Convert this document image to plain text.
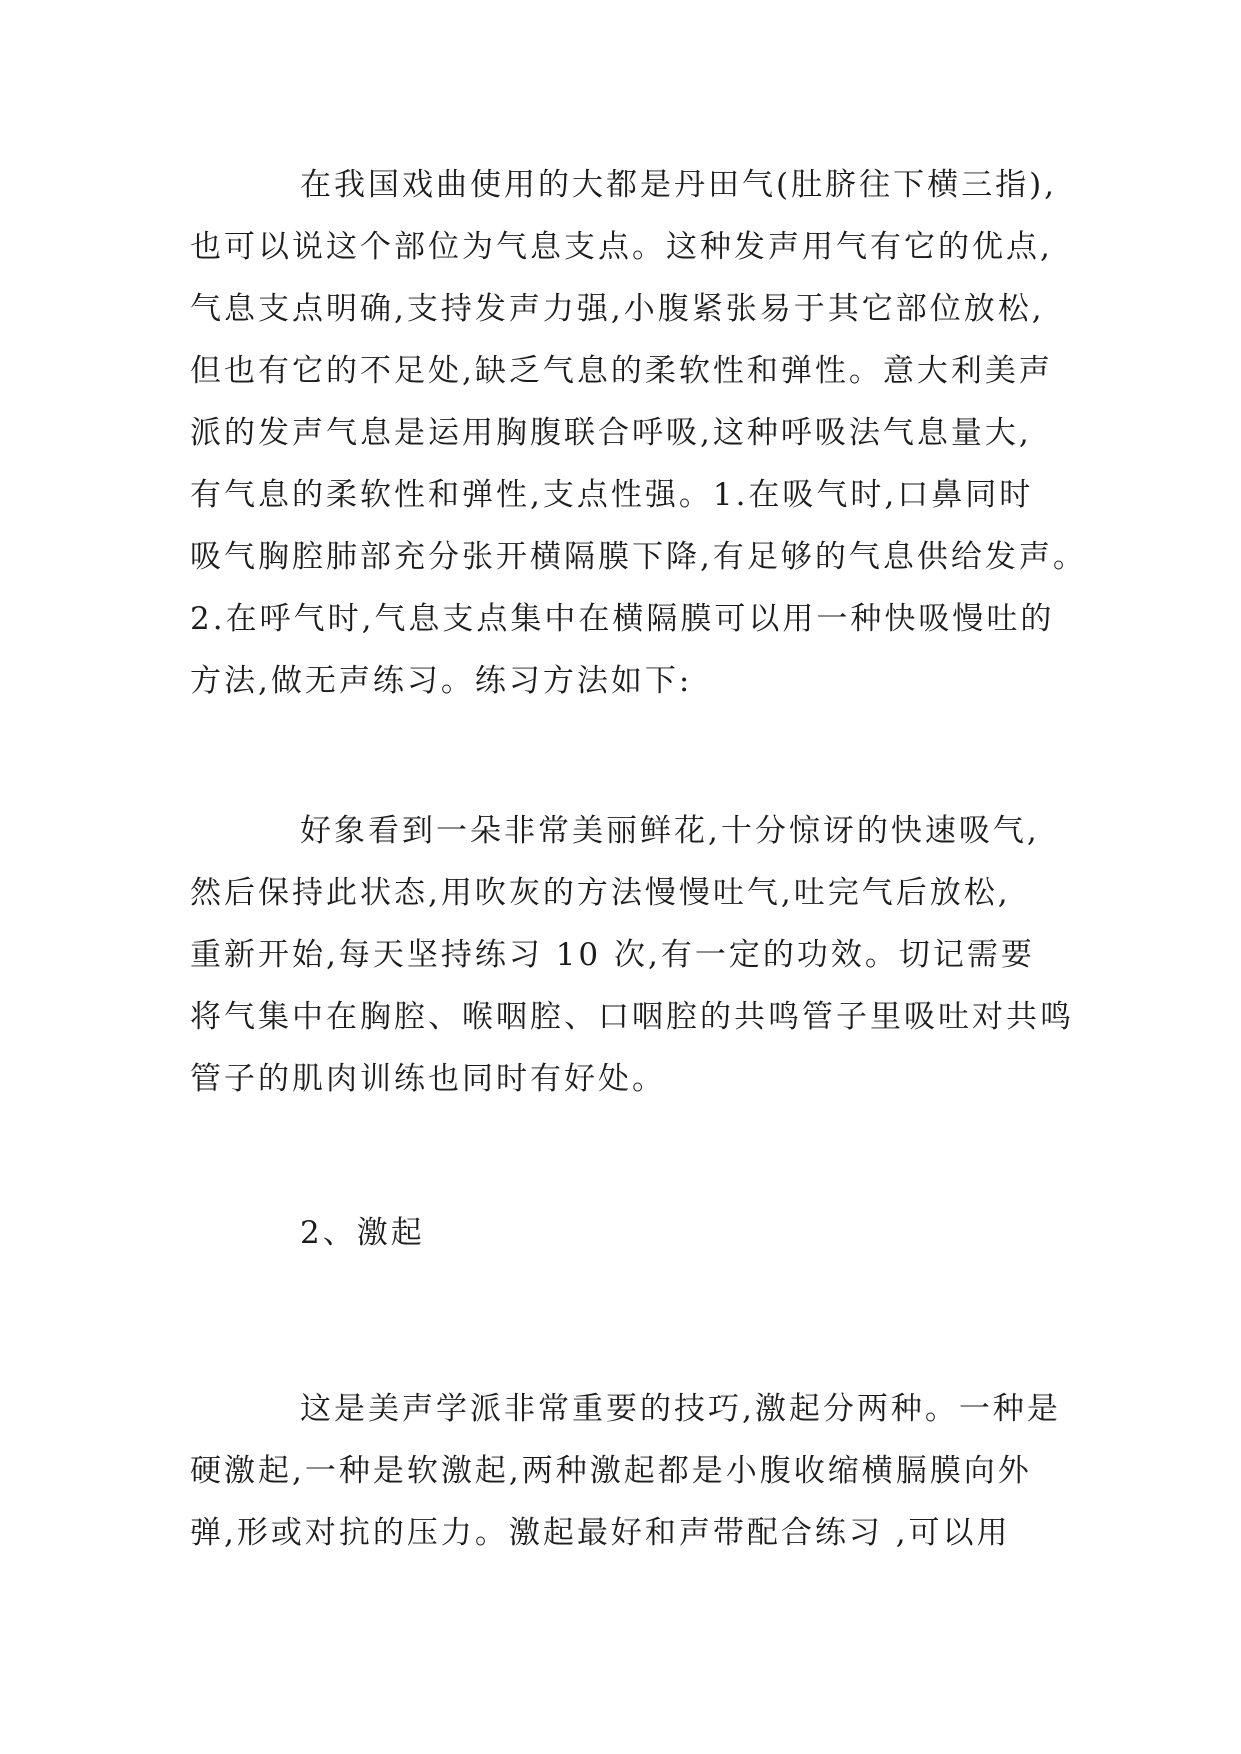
在我国戏曲使用的大都是丹田气(肚脐往下横三指),
也可以说这个部位为气息支点。这种发声用气有它的优点,
气息支点明确,支持发声力强,小腹紧张易于其它部位放松,
但也有它的不足处,缺乏气息的柔软性和弹性。意大利美声
派的发声气息是运用胸腹联合呼吸,这种呼吸法气息量大,
有气息的柔软性和弹性,支点性强。1.在吸气时,口鼻同时
吸气胸腔肺部充分张开横隔膜下降,有足够的气息供给发声。
2.在呼气时,气息支点集中在横隔膜可以用一种快吸慢吐的
方法,做无声练习。练习方法如下:
好象看到一朵非常美丽鲜花,十分惊讶的快速吸气,
然后保持此状态,用吹灰的方法慢慢吐气,吐完气后放松,
重新开始,每天坚持练习 10 次,有一定的功效。切记需要
将气集中在胸腔、喉咽腔、口咽腔的共鸣管子里吸吐对共鸣
管子的肌肉训练也同时有好处。
2、激起
这是美声学派非常重要的技巧,激起分两种。一种是
硬激起,一种是软激起,两种激起都是小腹收缩横膈膜向外
弹,形或对抗的压力。激起最好和声带配合练习 ,可以用
